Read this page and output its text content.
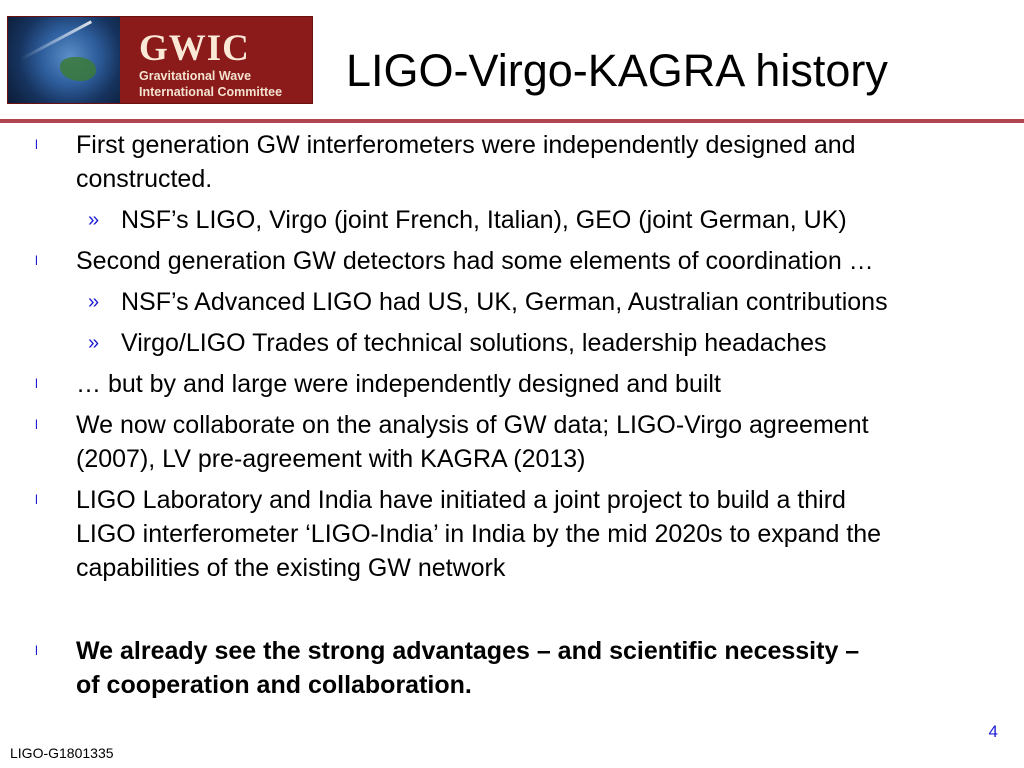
GWIC
Gravitational Wave
International Committee LIGO-Virgo-KAGRA history
l First generation GW interferometers were independently designed and
constructed.
» NSF’s LIGO, Virgo (joint French, Italian), GEO (joint German, UK)
l Second generation GW detectors had some elements of coordination …
» NSF’s Advanced LIGO had US, UK, German, Australian contributions
» Virgo/LIGO Trades of technical solutions, leadership headaches
l … but by and large were independently designed and built
l We now collaborate on the analysis of GW data; LIGO-Virgo agreement
(2007), LV pre-agreement with KAGRA (2013)
l LIGO Laboratory and India have initiated a joint project to build a third
LIGO interferometer ‘LIGO-India’ in India by the mid 2020s to expand the
capabilities of the existing GW network
l We already see the strong advantages – and scientific necessity –
of cooperation and collaboration.
4
LIGO-G1801335
